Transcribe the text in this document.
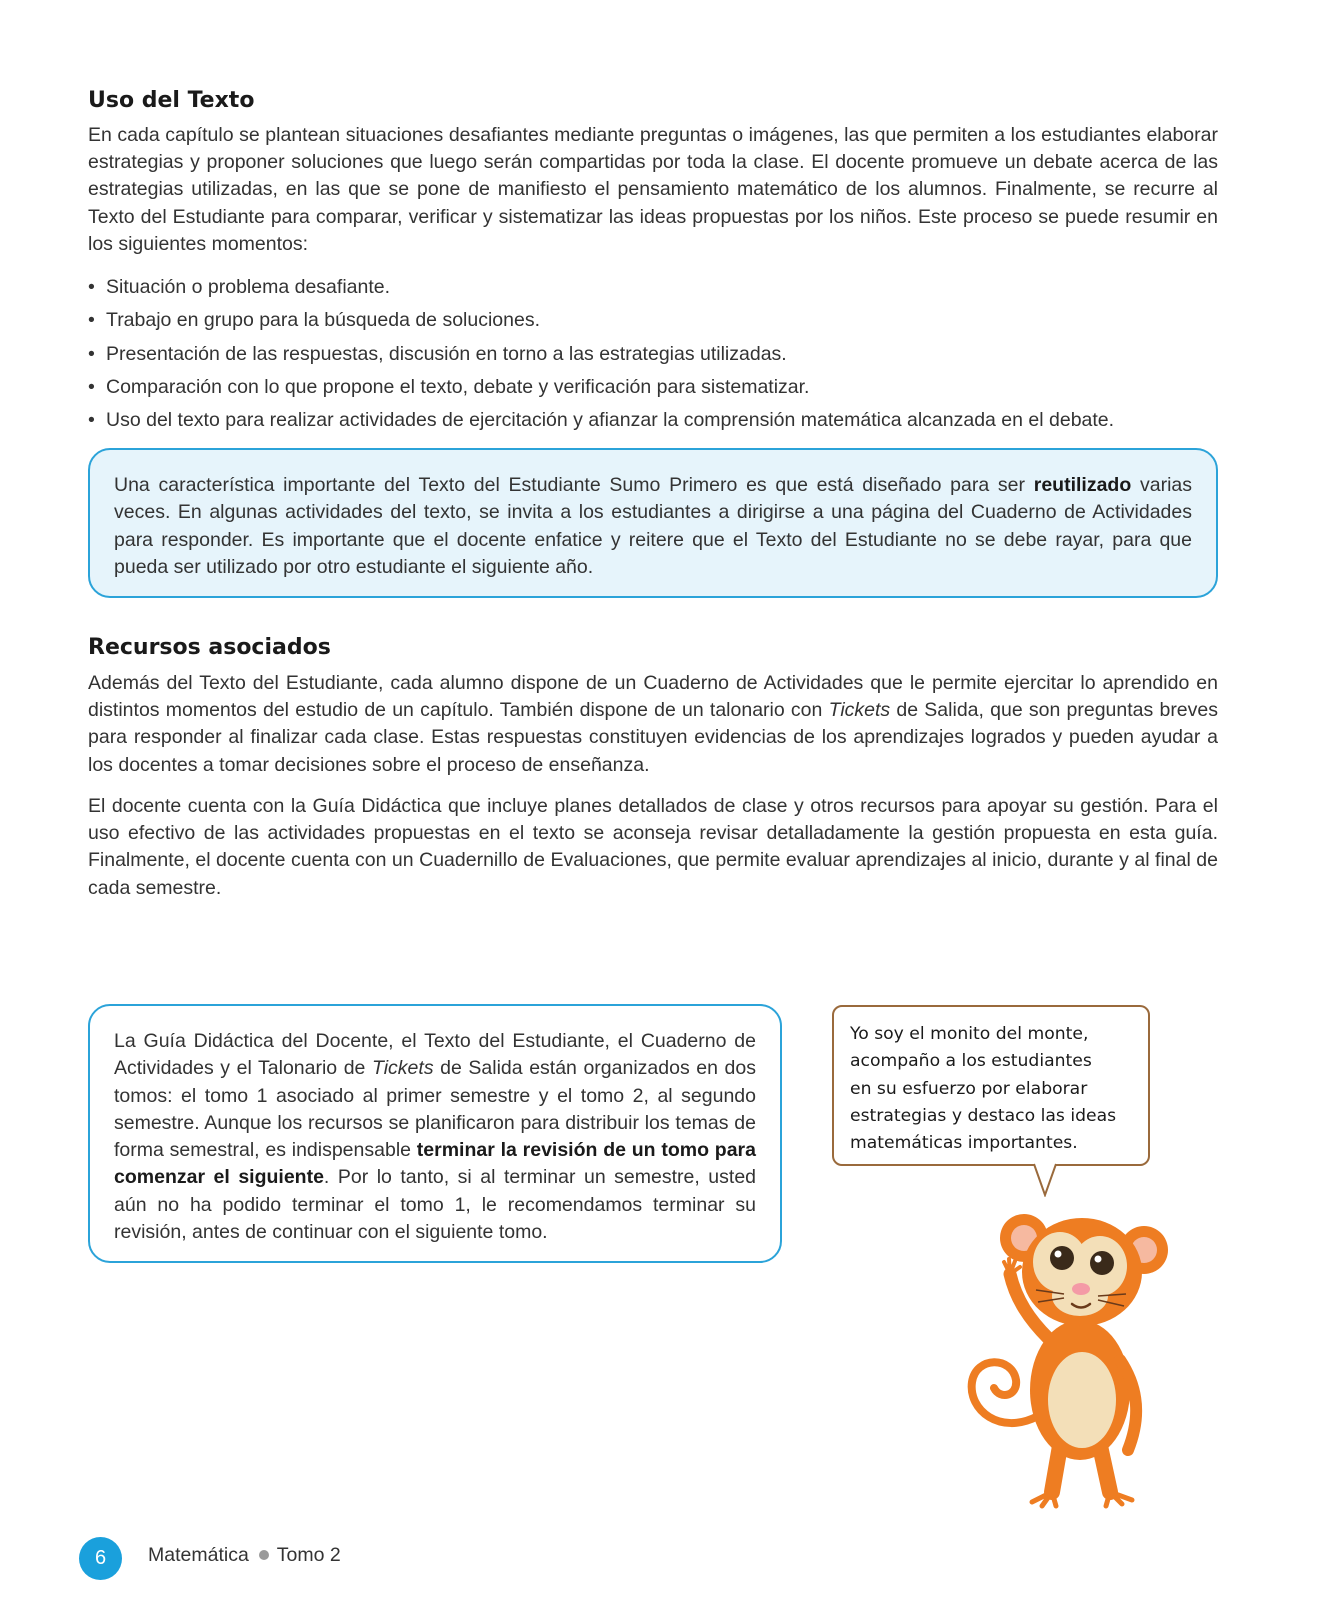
Uso del Texto

En cada capítulo se plantean situaciones desafiantes mediante preguntas o imágenes, las que permiten a los estudiantes elaborar estrategias y proponer soluciones que luego serán compartidas por toda la clase. El docente promueve un debate acerca de las estrategias utilizadas, en las que se pone de manifiesto el pensamiento matemático de los alumnos. Finalmente, se recurre al Texto del Estudiante para comparar, verificar y sistematizar las ideas propuestas por los niños. Este proceso se puede resumir en los siguientes momentos:

• Situación o problema desafiante.
• Trabajo en grupo para la búsqueda de soluciones.
• Presentación de las respuestas, discusión en torno a las estrategias utilizadas.
• Comparación con lo que propone el texto, debate y verificación para sistematizar.
• Uso del texto para realizar actividades de ejercitación y afianzar la comprensión matemática alcanzada en el debate.

Una característica importante del Texto del Estudiante Sumo Primero es que está diseñado para ser reutilizado varias veces. En algunas actividades del texto, se invita a los estudiantes a dirigirse a una página del Cuaderno de Actividades para responder. Es importante que el docente enfatice y reitere que el Texto del Estudiante no se debe rayar, para que pueda ser utilizado por otro estudiante el siguiente año.

Recursos asociados

Además del Texto del Estudiante, cada alumno dispone de un Cuaderno de Actividades que le permite ejercitar lo aprendido en distintos momentos del estudio de un capítulo. También dispone de un talonario con Tickets de Salida, que son preguntas breves para responder al finalizar cada clase. Estas respuestas constituyen evidencias de los aprendizajes logrados y pueden ayudar a los docentes a tomar decisiones sobre el proceso de enseñanza.

El docente cuenta con la Guía Didáctica que incluye planes detallados de clase y otros recursos para apoyar su gestión. Para el uso efectivo de las actividades propuestas en el texto se aconseja revisar detalladamente la gestión propuesta en esta guía. Finalmente, el docente cuenta con un Cuadernillo de Evaluaciones, que permite evaluar aprendizajes al inicio, durante y al final de cada semestre.

La Guía Didáctica del Docente, el Texto del Estudiante, el Cuaderno de Actividades y el Talonario de Tickets de Salida están organizados en dos tomos: el tomo 1 asociado al primer semestre y el tomo 2, al segundo semestre. Aunque los recursos se planificaron para distribuir los temas de forma semestral, es indispensable terminar la revisión de un tomo para comenzar el siguiente. Por lo tanto, si al terminar un semestre, usted aún no ha podido terminar el tomo 1, le recomendamos terminar su revisión, antes de continuar con el siguiente tomo.

Yo soy el monito del monte,
acompaño a los estudiantes
en su esfuerzo por elaborar
estrategias y destaco las ideas
matemáticas importantes.

6	Matemática Tomo 2
